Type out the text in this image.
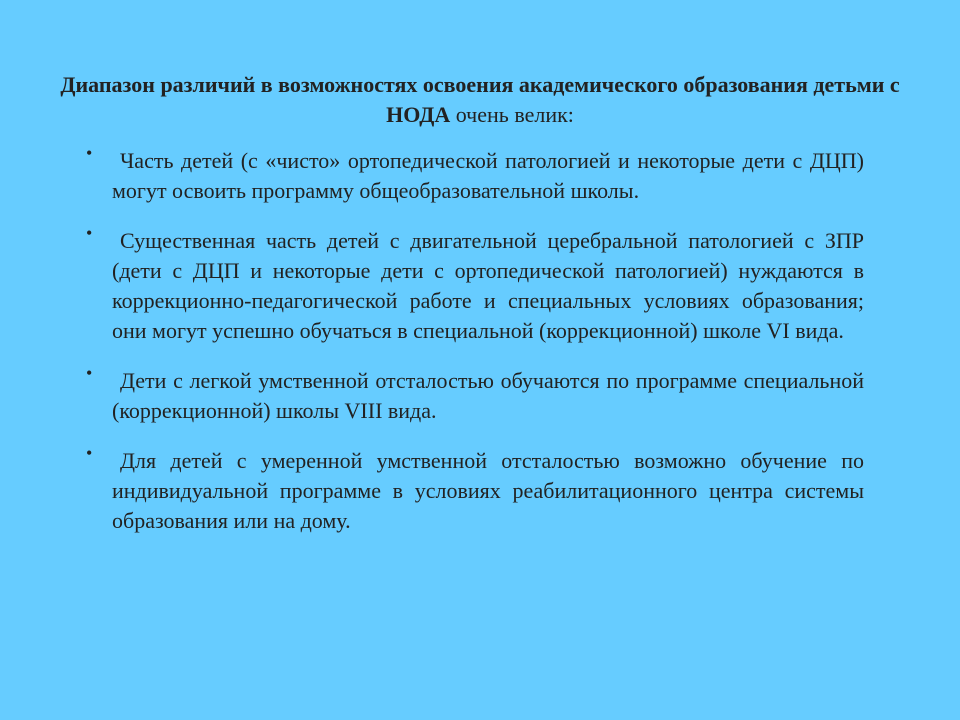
Диапазон различий в возможностях освоения академического образования детьми с НОДА очень велик:
•	Часть детей (с «чисто» ортопедической патологией и некоторые дети с ДЦП) могут освоить программу общеобразовательной школы.
•	Существенная часть детей с двигательной церебральной патологией с ЗПР (дети с ДЦП и некоторые дети с ортопедической патологией) нуждаются в коррекционно-педагогической работе и специальных условиях образования; они могут успешно обучаться в специальной (коррекционной) школе VI вида.
•	Дети с легкой умственной отсталостью обучаются по программе специальной (коррекционной) школы VIII вида.
•	Для детей с умеренной умственной отсталостью возможно обучение по индивидуальной программе в условиях реабилитационного центра системы образования или на дому.
